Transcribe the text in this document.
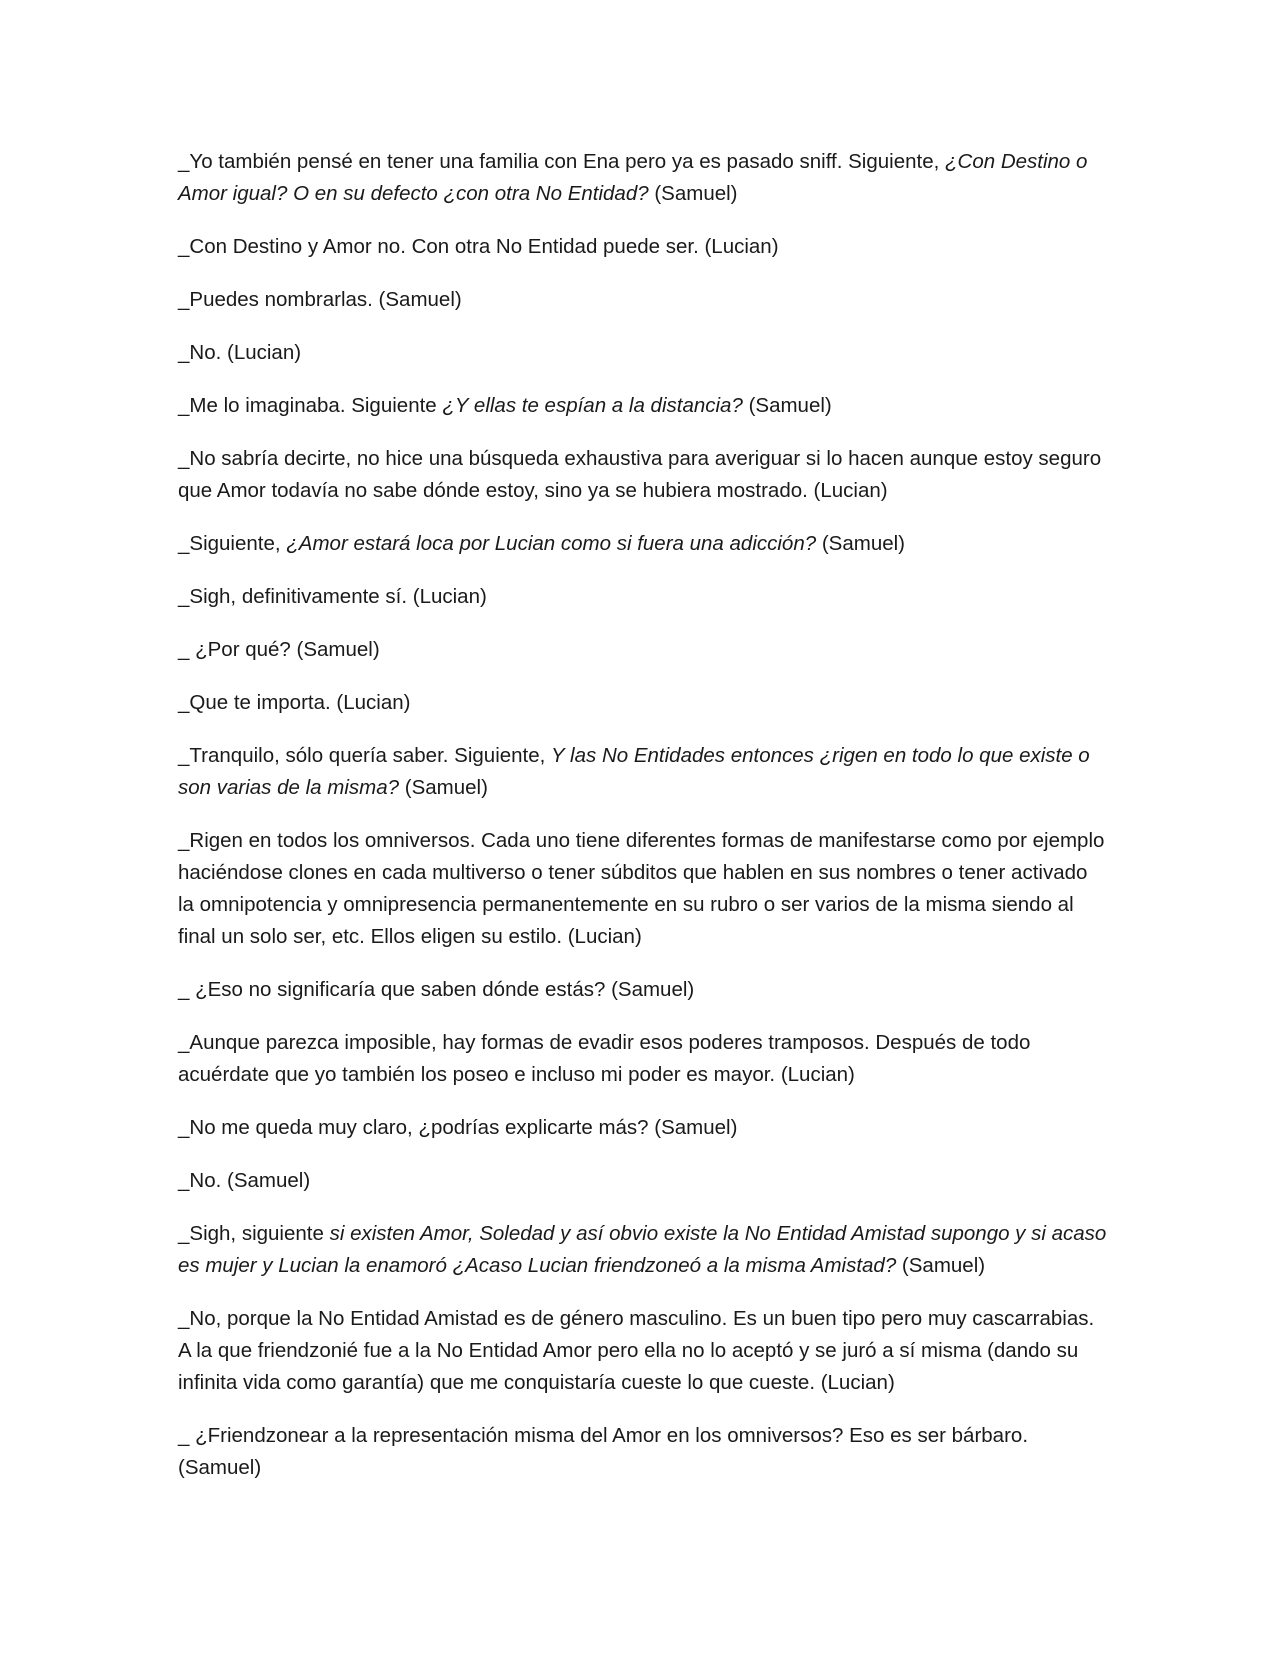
_Yo también pensé en tener una familia con Ena pero ya es pasado sniff. Siguiente, ¿Con Destino o Amor igual? O en su defecto ¿con otra No Entidad? (Samuel)

_Con Destino y Amor no. Con otra No Entidad puede ser. (Lucian)

_Puedes nombrarlas. (Samuel)

_No. (Lucian)

_Me lo imaginaba. Siguiente ¿Y ellas te espían a la distancia? (Samuel)

_No sabría decirte, no hice una búsqueda exhaustiva para averiguar si lo hacen aunque estoy seguro que Amor todavía no sabe dónde estoy, sino ya se hubiera mostrado. (Lucian)

_Siguiente, ¿Amor estará loca por Lucian como si fuera una adicción? (Samuel)

_Sigh, definitivamente sí. (Lucian)

_ ¿Por qué? (Samuel)

_Que te importa. (Lucian)

_Tranquilo, sólo quería saber. Siguiente, Y las No Entidades entonces ¿rigen en todo lo que existe o son varias de la misma? (Samuel)

_Rigen en todos los omniversos. Cada uno tiene diferentes formas de manifestarse como por ejemplo haciéndose clones en cada multiverso o tener súbditos que hablen en sus nombres o tener activado la omnipotencia y omnipresencia permanentemente en su rubro o ser varios de la misma siendo al final un solo ser, etc. Ellos eligen su estilo. (Lucian)

_ ¿Eso no significaría que saben dónde estás? (Samuel)

_Aunque parezca imposible, hay formas de evadir esos poderes tramposos. Después de todo acuérdate que yo también los poseo e incluso mi poder es mayor. (Lucian)

_No me queda muy claro, ¿podrías explicarte más? (Samuel)

_No. (Samuel)

_Sigh, siguiente si existen Amor, Soledad y así obvio existe la No Entidad Amistad supongo y si acaso es mujer y Lucian la enamoró ¿Acaso Lucian friendzoneó a la misma Amistad? (Samuel)

_No, porque la No Entidad Amistad es de género masculino. Es un buen tipo pero muy cascarrabias. A la que friendzonié fue a la No Entidad Amor pero ella no lo aceptó y se juró a sí misma (dando su infinita vida como garantía) que me conquistaría cueste lo que cueste. (Lucian)

_ ¿Friendzonear a la representación misma del Amor en los omniversos? Eso es ser bárbaro. (Samuel)
